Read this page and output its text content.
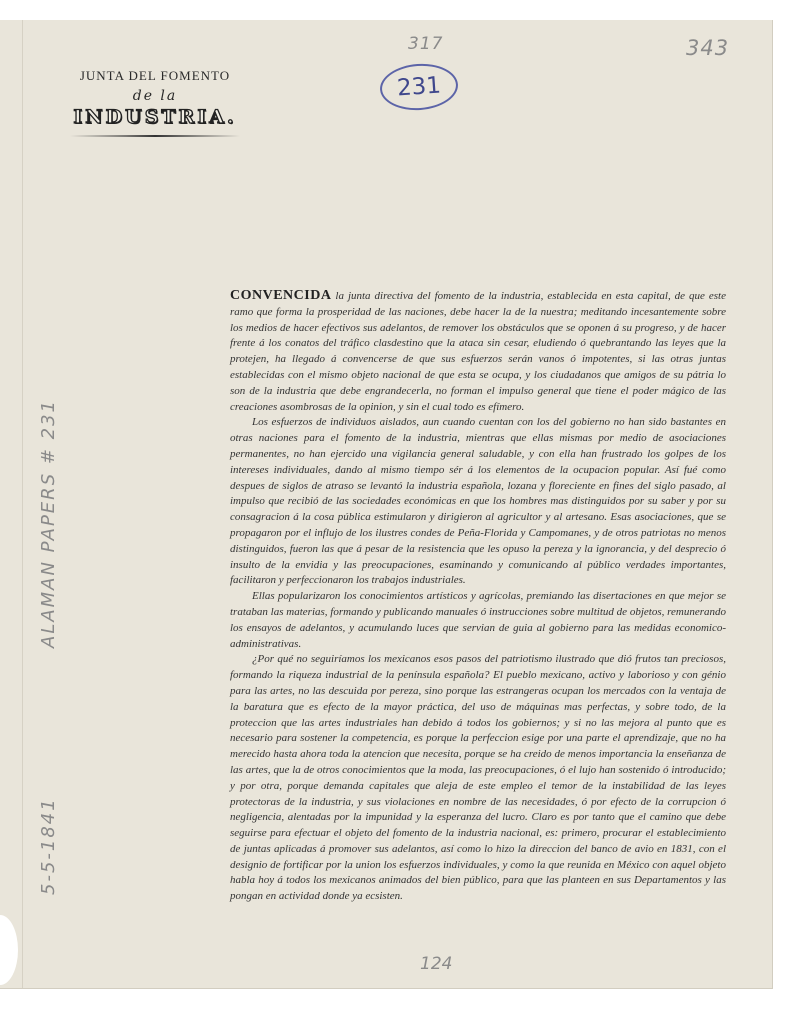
317	343
231
124
ALAMAN PAPERS # 231
5-5-1841
JUNTA DEL FOMENTO
de la
INDUSTRIA.

CONVENCIDA la junta directiva del fomento de la industria, establecida en esta capital, de que este ramo que forma la prosperidad de las naciones, debe hacer la de la nuestra; meditando incesantemente sobre los medios de hacer efectivos sus adelantos, de remover los obstáculos que se oponen á su progreso, y de hacer frente á los conatos del tráfico clasdestino que la ataca sin cesar, eludiendo ó quebrantando las leyes que la protejen, ha llegado á convencerse de que sus esfuerzos serán vanos ó impotentes, si las otras juntas establecidas con el mismo objeto nacional de que esta se ocupa, y los ciudadanos que amigos de su pátria lo son de la industria que debe engrandecerla, no forman el impulso general que tiene el poder mágico de las creaciones asombrosas de la opinion, y sin el cual todo es efímero.

Los esfuerzos de individuos aislados, aun cuando cuentan con los del gobierno no han sido bastantes en otras naciones para el fomento de la industria, mientras que ellas mismas por medio de asociaciones permanentes, no han ejercido una vigilancia general saludable, y con ella han frustrado los golpes de los intereses individuales, dando al mismo tiempo sér á los elementos de la ocupacion popular. Así fué como despues de siglos de atraso se levantó la industria española, lozana y floreciente en fines del siglo pasado, al impulso que recibió de las sociedades económicas en que los hombres mas distinguidos por su saber y por su consagracion á la cosa pública estimularon y dirigieron al agricultor y al artesano. Esas asociaciones, que se propagaron por el influjo de los ilustres condes de Peña-Florida y Campomanes, y de otros patriotas no menos distinguidos, fueron las que á pesar de la resistencia que les opuso la pereza y la ignorancia, y del desprecio ó insulto de la envidia y las preocupaciones, esaminando y comunicando al público verdades importantes, facilitaron y perfeccionaron los trabajos industriales.

Ellas popularizaron los conocimientos artísticos y agrícolas, premiando las disertaciones en que mejor se trataban las materias, formando y publicando manuales ó instrucciones sobre multitud de objetos, remunerando los ensayos de adelantos, y acumulando luces que servian de guia al gobierno para las medidas economico-administrativas.

¿Por qué no seguiríamos los mexicanos esos pasos del patriotismo ilustrado que dió frutos tan preciosos, formando la riqueza industrial de la península española? El pueblo mexicano, activo y laborioso y con génio para las artes, no las descuida por pereza, sino porque las estrangeras ocupan los mercados con la ventaja de la baratura que es efecto de la mayor práctica, del uso de máquinas mas perfectas, y sobre todo, de la proteccion que las artes industriales han debido á todos los gobiernos; y si no las mejora al punto que es necesario para sostener la competencia, es porque la perfeccion esige por una parte el aprendizaje, que no ha merecido hasta ahora toda la atencion que necesita, porque se ha creido de menos importancia la enseñanza de las artes, que la de otros conocimientos que la moda, las preocupaciones, ó el lujo han sostenido ó introducido; y por otra, porque demanda capitales que aleja de este empleo el temor de la instabilidad de las leyes protectoras de la industria, y sus violaciones en nombre de las necesidades, ó por efecto de la corrupcion ó negligencia, alentadas por la impunidad y la esperanza del lucro. Claro es por tanto que el camino que debe seguirse para efectuar el objeto del fomento de la industria nacional, es: primero, procurar el establecimiento de juntas aplicadas á promover sus adelantos, así como lo hizo la direccion del banco de avio en 1831, con el designio de fortificar por la union los esfuerzos individuales, y como la que reunida en México con aquel objeto habla hoy á todos los mexicanos animados del bien público, para que las planteen en sus Departamentos y las pongan en actividad donde ya ecsisten.
